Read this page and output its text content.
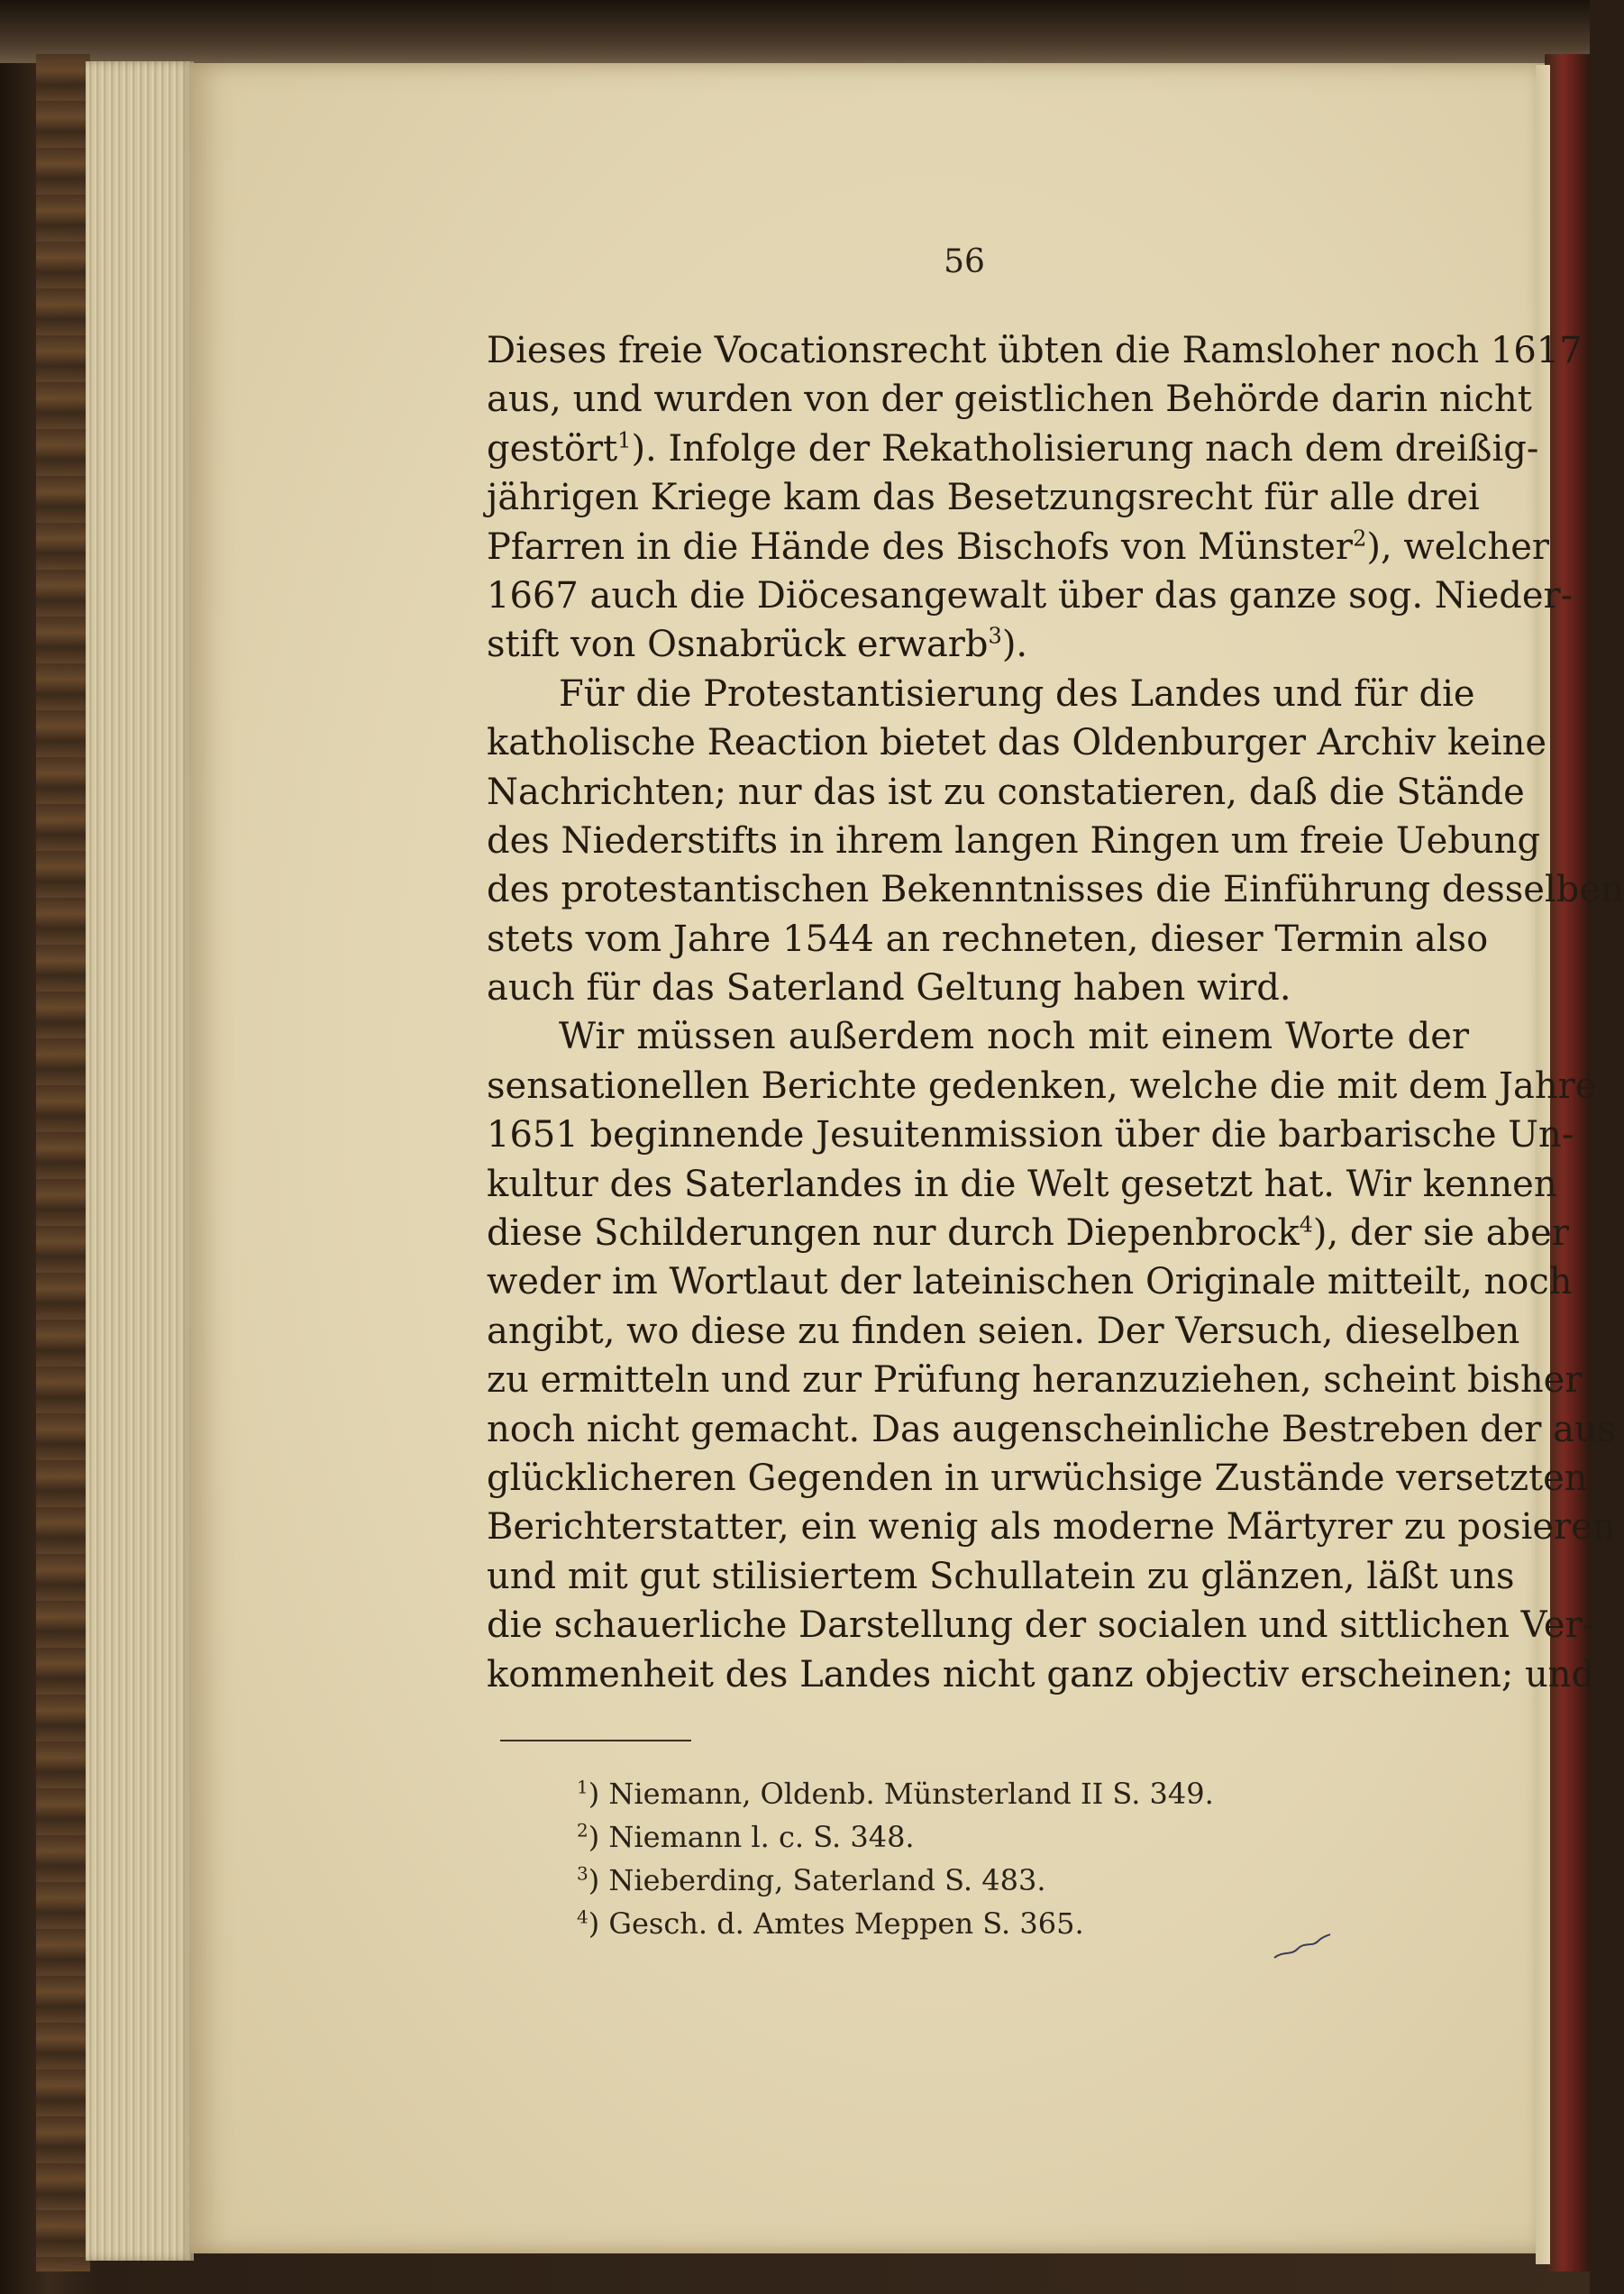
56
Dieses freie Vocationsrecht übten die Ramsloher noch 1617
aus, und wurden von der geistlichen Behörde darin nicht
gestört$^1$). Infolge der Rekatholisierung nach dem dreißig-
jährigen Kriege kam das Besetzungsrecht für alle drei
Pfarren in die Hände des Bischofs von Münster$^2$), welcher
1667 auch die Diöcesangewalt über das ganze sog. Nieder-
stift von Osnabrück erwarb$^3$).
Für die Protestantisierung des Landes und für die
katholische Reaction bietet das Oldenburger Archiv keine
Nachrichten; nur das ist zu constatieren, daß die Stände
des Niederstifts in ihrem langen Ringen um freie Uebung
des protestantischen Bekenntnisses die Einführung desselben
stets vom Jahre 1544 an rechneten, dieser Termin also
auch für das Saterland Geltung haben wird.
Wir müssen außerdem noch mit einem Worte der
sensationellen Berichte gedenken, welche die mit dem Jahre
1651 beginnende Jesuitenmission über die barbarische Un-
kultur des Saterlandes in die Welt gesetzt hat. Wir kennen
diese Schilderungen nur durch Diepenbrock$^4$), der sie aber
weder im Wortlaut der lateinischen Originale mitteilt, noch
angibt, wo diese zu finden seien. Der Versuch, dieselben
zu ermitteln und zur Prüfung heranzuziehen, scheint bisher
noch nicht gemacht. Das augenscheinliche Bestreben der aus
glücklicheren Gegenden in urwüchsige Zustände versetzten
Berichterstatter, ein wenig als moderne Märtyrer zu posieren
und mit gut stilisiertem Schullatein zu glänzen, läßt uns
die schauerliche Darstellung der socialen und sittlichen Ver-
kommenheit des Landes nicht ganz objectiv erscheinen; und
$^1$) Niemann, Oldenb. Münsterland II S. 349.
$^2$) Niemann l. c. S. 348.
$^3$) Nieberding, Saterland S. 483.
$^4$) Gesch. d. Amtes Meppen S. 365.
